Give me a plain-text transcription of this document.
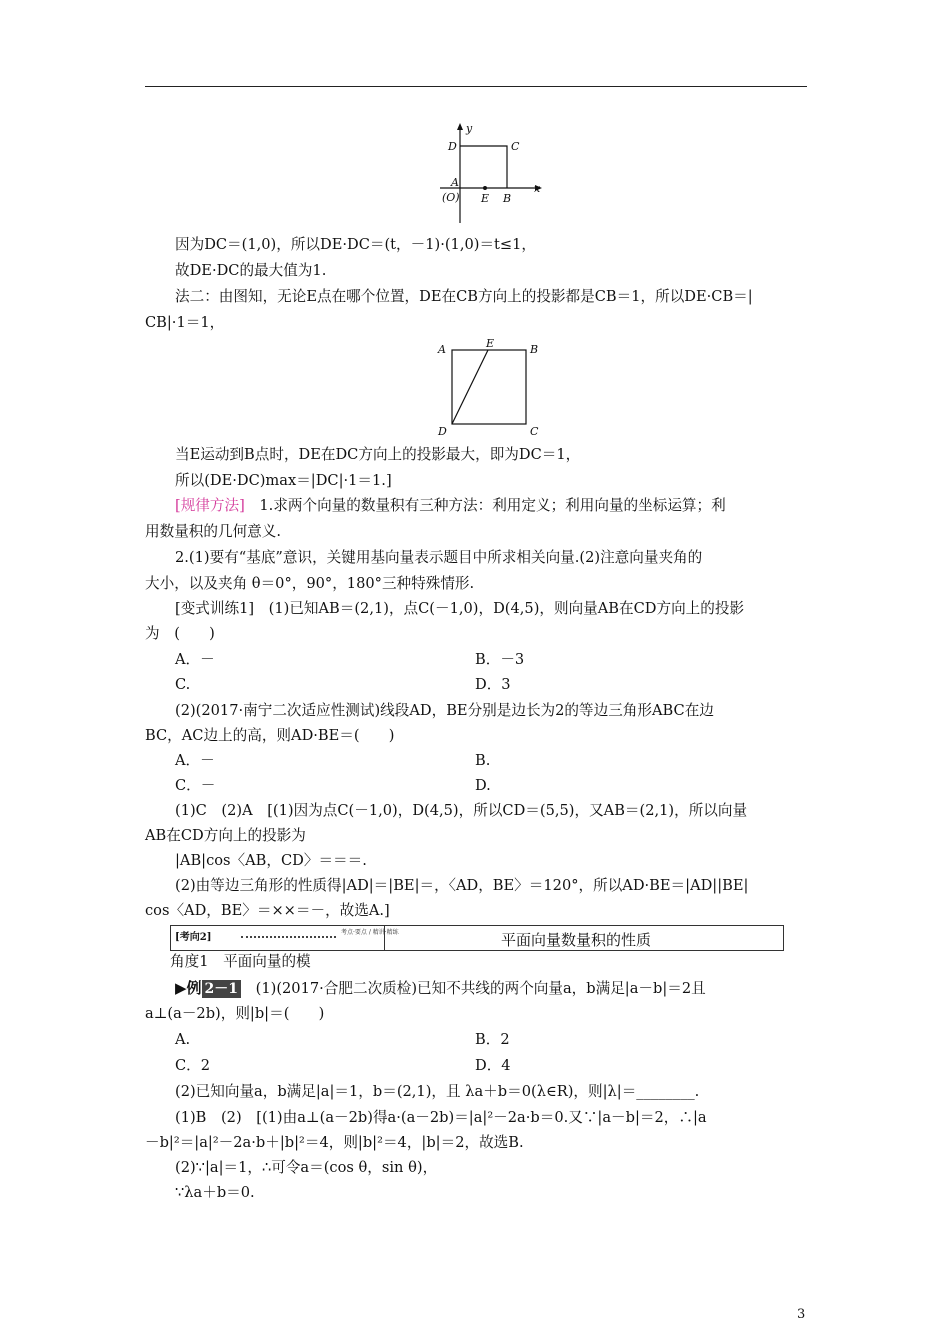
y
x
D	C
A
(O) E B
因为DC＝(1,0)，所以DE·DC＝(t，－1)·(1,0)＝t≤1，
故DE·DC的最大值为1.
法二：由图知，无论E点在哪个位置，DE在CB方向上的投影都是CB＝1，所以DE·CB＝|
CB|·1＝1，
A	E	B
D	C
当E运动到B点时，DE在DC方向上的投影最大，即为DC＝1，
所以(DE·DC)max＝|DC|·1＝1.]
[规律方法]　 1.求两个向量的数量积有三种方法：利用定义；利用向量的坐标运算；利
用数量积的几何意义.
2.(1)要有“基底”意识，关键用基向量表示题目中所求相关向量.(2)注意向量夹角的
大小，以及夹角 θ＝0°，90°，180°三种特殊情形.
[变式训练1]　(1)已知AB＝(2,1)，点C(－1,0)，D(4,5)，则向量AB在CD方向上的投影
为　(　　)
A．－	B．－3
C.	D．3
(2)(2017·南宁二次适应性测试)线段AD，BE分别是边长为2的等边三角形ABC在边
BC，AC边上的高，则AD·BE＝(　　)
A．－	B.
C．－	D.
(1)C　(2)A　[(1)因为点C(－1,0)，D(4,5)，所以CD＝(5,5)，又AB＝(2,1)，所以向量
AB在CD方向上的投影为
|AB|cos〈AB，CD〉＝＝＝.
(2)由等边三角形的性质得|AD|＝|BE|＝，〈AD，BE〉＝120°，所以AD·BE＝|AD||BE|
cos〈AD，BE〉＝××＝－，故选A.]
[考向2]	考点·要点 / 精讲·精练	平面向量数量积的性质
角度1　平面向量的模
▶例 2－1　 (1)(2017·合肥二次质检)已知不共线的两个向量a，b满足|a－b|＝2且
a⊥(a－2b)，则|b|＝(　　)
A.	B．2
C．2	D．4
(2)已知向量a，b满足|a|＝1，b＝(2,1)，且 λa＋b＝0(λ∈R)，则|λ|＝________.
(1)B　(2)　[(1)由a⊥(a－2b)得a·(a－2b)＝|a|²－2a·b＝0.又∵|a－b|＝2，∴|a
－b|²＝|a|²－2a·b＋|b|²＝4，则|b|²＝4，|b|＝2，故选B.
(2)∵|a|＝1，∴可令a＝(cos θ，sin θ)，
∵λa＋b＝0.
3
